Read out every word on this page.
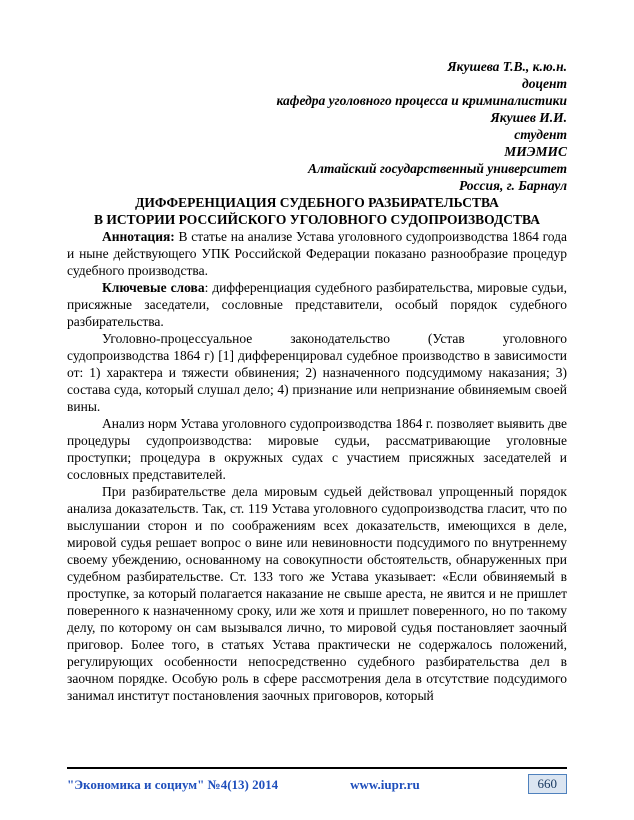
Якушева Т.В., к.ю.н.
доцент
кафедра уголовного процесса и криминалистики
Якушев И.И.
студент
МИЭМИС
Алтайский государственный университет
Россия, г. Барнаул
ДИФФЕРЕНЦИАЦИЯ СУДЕБНОГО РАЗБИРАТЕЛЬСТВА
В ИСТОРИИ РОССИЙСКОГО УГОЛОВНОГО СУДОПРОИЗВОДСТВА

Аннотация: В статье на анализе Устава уголовного судопроизводства 1864 года и ныне действующего УПК Российской Федерации показано разнообразие процедур судебного производства.

Ключевые слова: дифференциация судебного разбирательства, мировые судьи, присяжные заседатели, сословные представители, особый порядок судебного разбирательства.

Уголовно-процессуальное законодательство (Устав уголовного судопроизводства 1864 г) [1] дифференцировал судебное производство в зависимости от: 1) характера и тяжести обвинения; 2) назначенного подсудимому наказания; 3) состава суда, который слушал дело; 4) признание или непризнание обвиняемым своей вины.

Анализ норм Устава уголовного судопроизводства 1864 г. позволяет выявить две процедуры судопроизводства: мировые судьи, рассматривающие уголовные проступки; процедура в окружных судах с участием присяжных заседателей и сословных представителей.

При разбирательстве дела мировым судьей действовал упрощенный порядок анализа доказательств. Так, ст. 119 Устава уголовного судопроизводства гласит, что по выслушании сторон и по соображениям всех доказательств, имеющихся в деле, мировой судья решает вопрос о вине или невиновности подсудимого по внутреннему своему убеждению, основанному на совокупности обстоятельств, обнаруженных при судебном разбирательстве. Ст. 133 того же Устава указывает: «Если обвиняемый в проступке, за который полагается наказание не свыше ареста, не явится и не пришлет поверенного к назначенному сроку, или же хотя и пришлет поверенного, но по такому делу, по которому он сам вызывался лично, то мировой судья постановляет заочный приговор. Более того, в статьях Устава практически не содержалось положений, регулирующих особенности непосредственно судебного разбирательства дел в заочном порядке. Особую роль в сфере рассмотрения дела в отсутствие подсудимого занимал институт постановления заочных приговоров, который

"Экономика и социум" №4(13) 2014	www.iupr.ru	660
